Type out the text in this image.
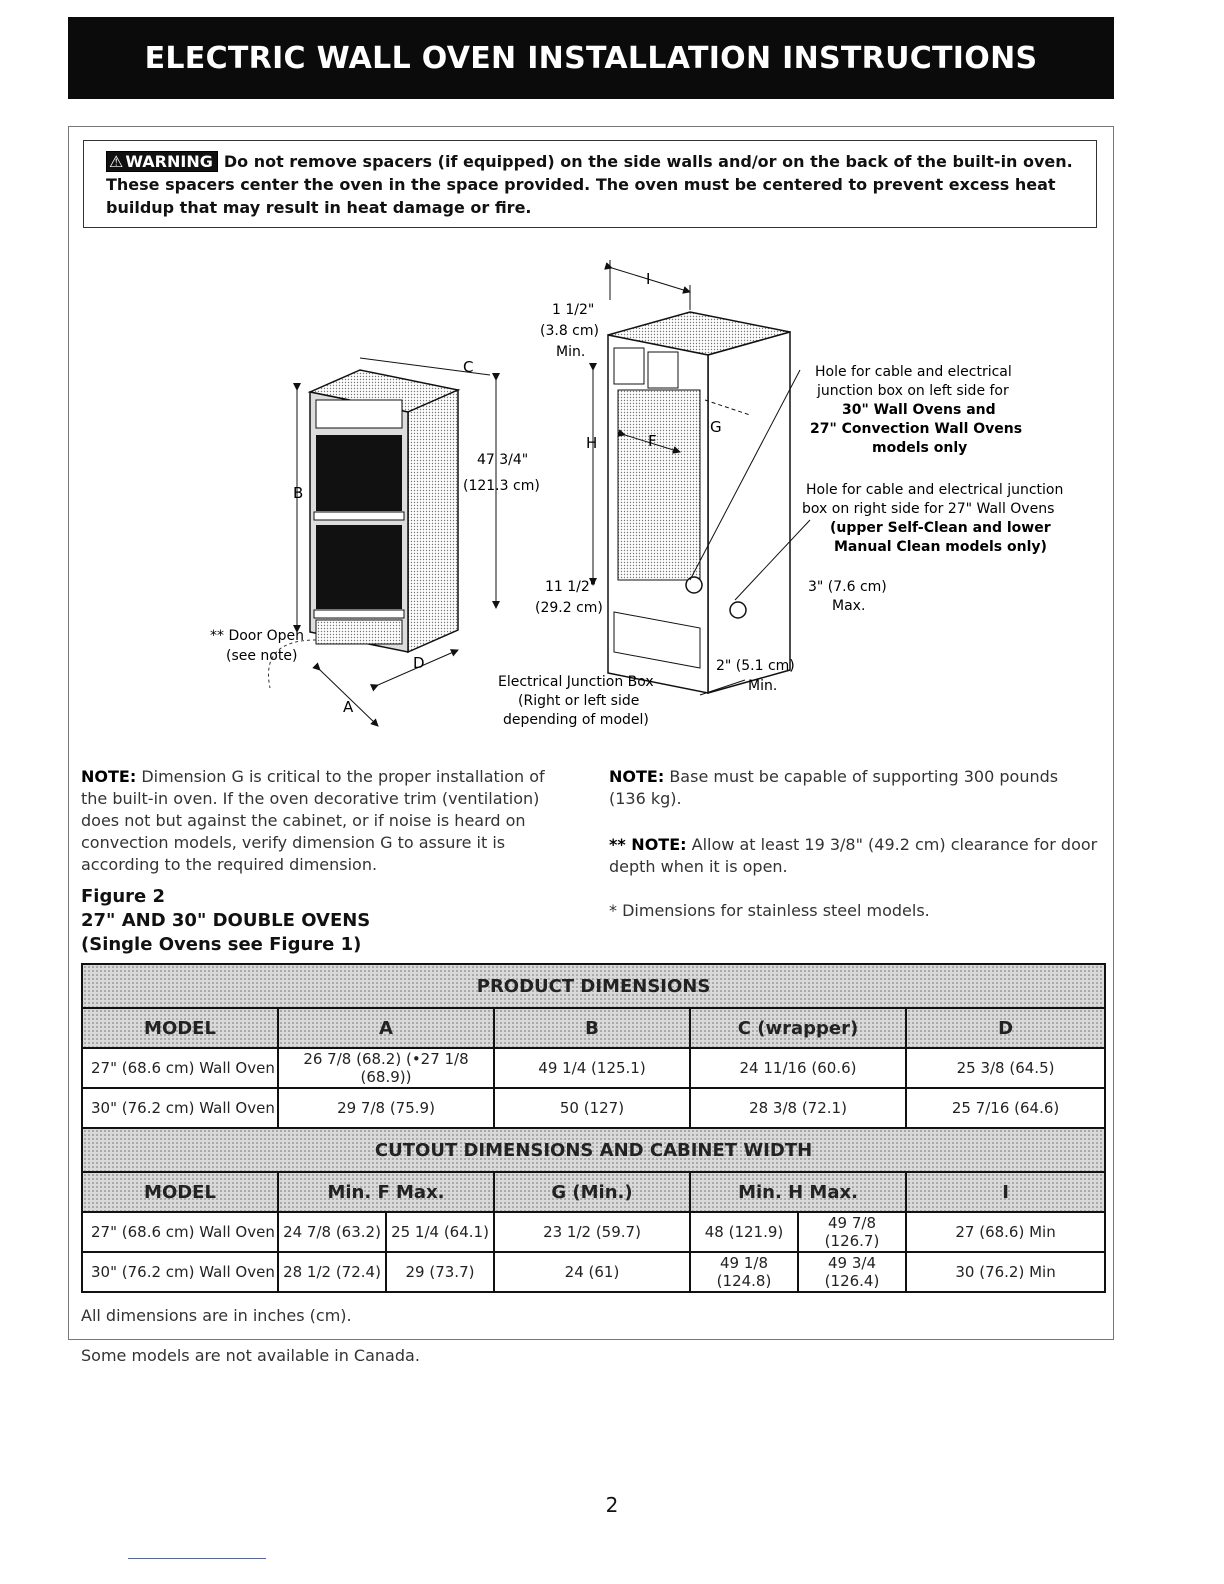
ELECTRIC WALL OVEN INSTALLATION INSTRUCTIONS
⚠ WARNING Do not remove spacers (if equipped) on the side walls and/or on the back of the built-in oven. These spacers center the oven in the space provided. The oven must be centered to prevent excess heat buildup that may result in heat damage or fire.
C
B
D
A
47 3/4"
(121.3 cm)
** Door Open
(see note)
I
H	F
G
1 1/2"
(3.8 cm)
Min.
11 1/2"
(29.2 cm)
Electrical Junction Box
(Right or left side
depending of model)
Hole for cable and electrical
junction box on left side for
30" Wall Ovens and
27" Convection Wall Ovens
models only
Hole for cable and electrical junction
box on right side for 27" Wall Ovens
(upper Self-Clean and lower
Manual Clean models only)
3" (7.6 cm)
Max.
2" (5.1 cm)
Min.
NOTE: Dimension G is critical to the proper installation of the built-in oven. If the oven decorative trim (ventilation) does not but against the cabinet, or if noise is heard on convection models, verify dimension G to assure it is according to the required dimension.
NOTE: Base must be capable of supporting 300 pounds (136 kg).
** NOTE: Allow at least 19 3/8" (49.2 cm) clearance for door depth when it is open.
* Dimensions for stainless steel models.
Figure 2
27" AND 30" DOUBLE OVENS
(Single Ovens see Figure 1)
PRODUCT DIMENSIONS						
MODEL	A		B	C (wrapper)		D
27" (68.6 cm) Wall Oven	26 7/8 (68.2) (•27 1/8 (68.9))		49 1/4 (125.1)	24 11/16 (60.6)		25 3/8 (64.5)
30" (76.2 cm) Wall Oven	29 7/8 (75.9)		50 (127)	28 3/8 (72.1)		25 7/16 (64.6)
CUTOUT DIMENSIONS AND CABINET WIDTH						
MODEL	Min. F Max.		G (Min.)	Min. H Max.		I
27" (68.6 cm) Wall Oven	24 7/8 (63.2)	25 1/4 (64.1)	23 1/2 (59.7)	48 (121.9)	49 7/8 (126.7)	27 (68.6) Min
30" (76.2 cm) Wall Oven	28 1/2 (72.4)	29 (73.7)	24 (61)	49 1/8 (124.8)	49 3/4 (126.4)	30 (76.2) Min
All dimensions are in inches (cm).
Some models are not available in Canada.
2
